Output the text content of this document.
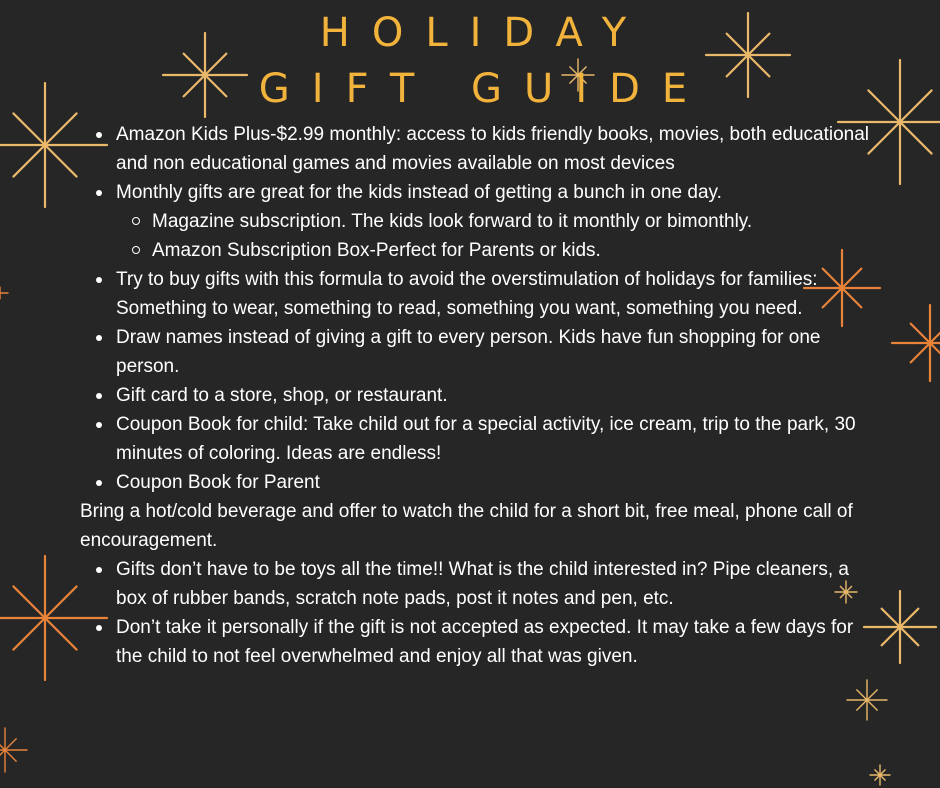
HOLIDAY
GIFT GUIDE
Amazon Kids Plus-$2.99 monthly: access to kids friendly books, movies, both educational and non educational games and movies available on most devices
Monthly gifts are great for the kids instead of getting a bunch in one day.
Magazine subscription. The kids look forward to it monthly or bimonthly.
Amazon Subscription Box-Perfect for Parents or kids.
Try to buy gifts with this formula to avoid the overstimulation of holidays for families: Something to wear, something to read, something you want, something you need.
Draw names instead of giving a gift to every person. Kids have fun shopping for one person.
Gift card to a store, shop, or restaurant.
Coupon Book for child: Take child out for a special activity, ice cream, trip to the park, 30 minutes of coloring. Ideas are endless!
Coupon Book for Parent

Bring a hot/cold beverage and offer to watch the child for a short bit, free meal, phone call of encouragement.

Gifts don’t have to be toys all the time!! What is the child interested in? Pipe cleaners, a box of rubber bands, scratch note pads, post it notes and pen, etc.
Don’t take it personally if the gift is not accepted as expected. It may take a few days for the child to not feel overwhelmed and enjoy all that was given.
